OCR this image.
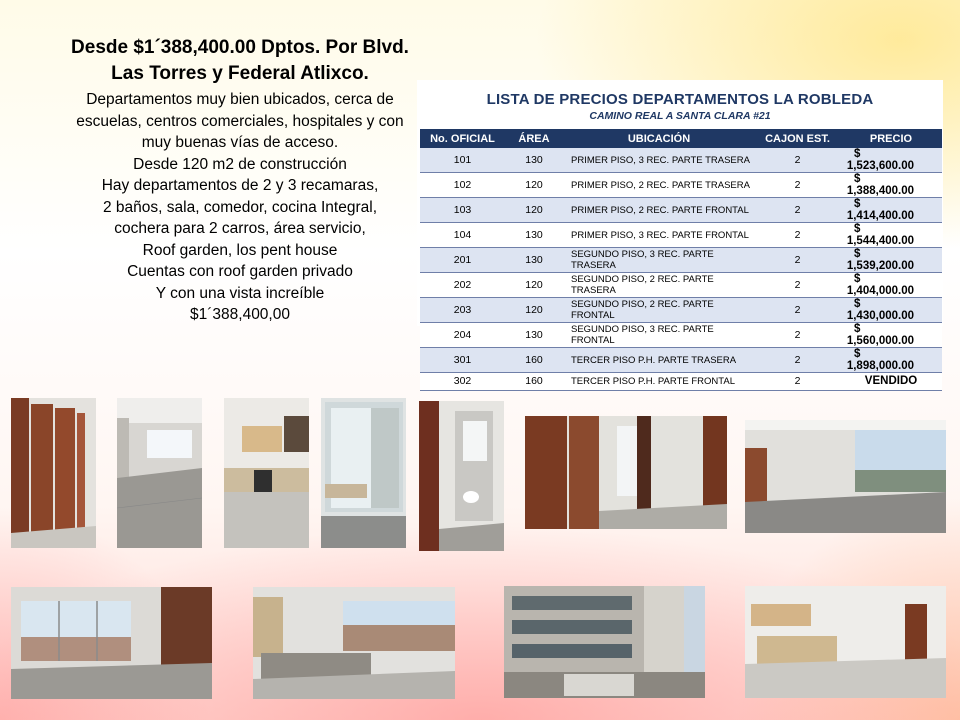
Desde $1´388,400.00 Dptos. Por Blvd.
Las Torres y Federal Atlixco.
Departamentos muy bien ubicados, cerca de
escuelas, centros comerciales, hospitales y con
muy buenas vías de acceso.
Desde 120 m2 de construcción
Hay departamentos de 2 y 3 recamaras,
2 baños, sala, comedor, cocina Integral,
cochera para 2 carros, área servicio,
Roof garden, los pent house
Cuentas con roof garden privado
Y con una vista increíble
$1´388,400,00
LISTA DE PRECIOS DEPARTAMENTOS LA ROBLEDA
CAMINO REAL A SANTA CLARA #21
No. OFICIAL	ÁREA	UBICACIÓN	CAJON EST.	PRECIO
101	130	PRIMER PISO, 3 REC. PARTE TRASERA	2	$1,523,600.00
102	120	PRIMER PISO, 2 REC. PARTE TRASERA	2	$1,388,400.00
103	120	PRIMER PISO, 2 REC. PARTE FRONTAL	2	$1,414,400.00
104	130	PRIMER PISO, 3 REC. PARTE FRONTAL	2	$1,544,400.00
201	130	SEGUNDO PISO, 3 REC. PARTE TRASERA	2	$1,539,200.00
202	120	SEGUNDO PISO, 2 REC. PARTE TRASERA	2	$1,404,000.00
203	120	SEGUNDO PISO, 2 REC. PARTE FRONTAL	2	$1,430,000.00
204	130	SEGUNDO PISO, 3 REC. PARTE FRONTAL	2	$1,560,000.00
301	160	TERCER PISO P.H. PARTE TRASERA	2	$1,898,000.00
302	160	TERCER PISO P.H. PARTE FRONTAL	2	VENDIDO
